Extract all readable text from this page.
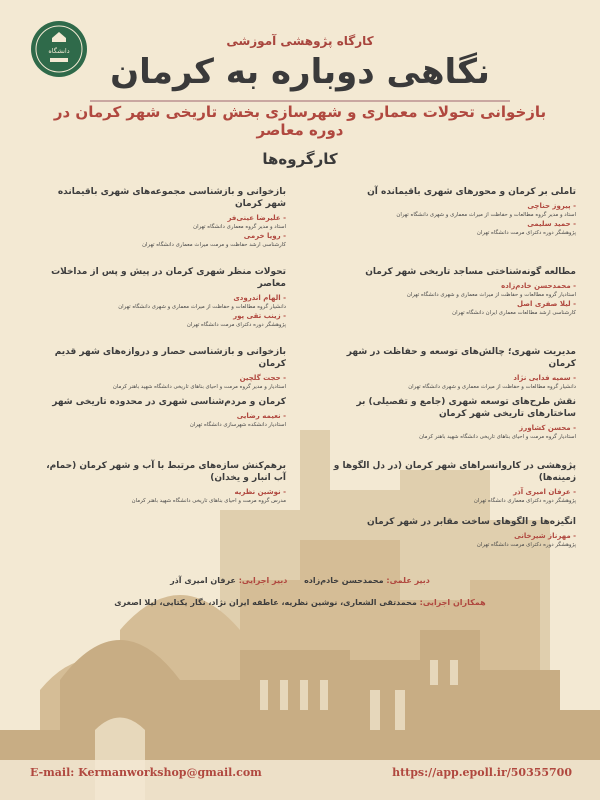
دانشگاه
کارگاه پژوهشی آموزشی
نگاهی دوباره به کرمان
بازخوانی تحولات معماری و شهرسازی بخش تاریخی شهر کرمان در دوره معاصر
کارگروه‌ها
تاملی بر کرمان و محورهای شهری باقیمانده آن
- پیروز حناچی
استاد و مدیر گروه مطالعات و حفاظت از میراث معماری و شهری دانشگاه تهران
- حمید سلیمی
پژوهشگر دوره دکترای مرمت دانشگاه تهران
مطالعه گونه‌شناختی مساجد تاریخی شهر کرمان
- محمدحسن خادم‌زاده
استادیار گروه مطالعات و حفاظت از میراث معماری و شهری دانشگاه تهران
- لیلا صفری اصل
کارشناسی ارشد مطالعات معماری ایران دانشگاه تهران
مدیریت شهری؛ چالش‌های توسعه و حفاظت در شهر کرمان
- سمیه فدایی نژاد
دانشیار گروه مطالعات و حفاظت از میراث معماری و شهری دانشگاه تهران
نقش طرح‌های توسعه شهری (جامع و تفصیلی) بر ساختارهای تاریخی شهر کرمان
- محسن کشاورز
استادیار گروه مرمت و احیای بناهای تاریخی دانشگاه شهید باهنر کرمان
پژوهشی در کاروانسراهای شهر کرمان (در دل الگوها و زمینه‌ها)
- عرفان امیری آذر
پژوهشگر دوره دکترای معماری دانشگاه تهران
انگیزه‌ها و الگوهای ساخت مقابر در شهر کرمان
- مهرناز شیرخانی
پژوهشگر دوره دکترای مرمت دانشگاه تهران
بازخوانی و بازشناسی مجموعه‌های شهری باقیمانده شهر کرمان
- علیرضا عینی‌فر
استاد و مدیر گروه معماری دانشگاه تهران
- رویا خرمی
کارشناسی ارشد حفاظت و مرمت میراث معماری دانشگاه تهران
تحولات منظر شهری کرمان در پیش و پس از مداخلات معاصر
- الهام اندرودی
دانشیار گروه مطالعات و حفاظت از میراث معماری و شهری دانشگاه تهران
- زینب تقی پور
پژوهشگر دوره دکترای مرمت دانشگاه تهران
بازخوانی و بازشناسی حصار و دروازه‌های شهر قدیم کرمان
- حجت گلچین
استادیار و مدیر گروه مرمت و احیای بناهای تاریخی دانشگاه شهید باهنر کرمان
کرمان و مردم‌شناسی شهری در محدوده تاریخی شهر
- نعیمه رضایی
استادیار دانشکده شهرسازی دانشگاه تهران
برهم‌کنش سازه‌های مرتبط با آب و شهر کرمان (حمام، آب انبار و یخدان)
- نوشین نظریه
مدرس گروه مرمت و احیای بناهای تاریخی دانشگاه شهید باهنر کرمان
دبیر علمی: محمدحسن خادم‌زاده      دبیر اجرایی: عرفان امیری آذر
همکاران اجرایی: محمدتقی الشعاری، نوشین نظریه، عاطفه ایران نژاد، نگار یکتایی، لیلا اصغری
E-mail: Kermanworkshop@gmail.com	https://app.epoll.ir/50355700
